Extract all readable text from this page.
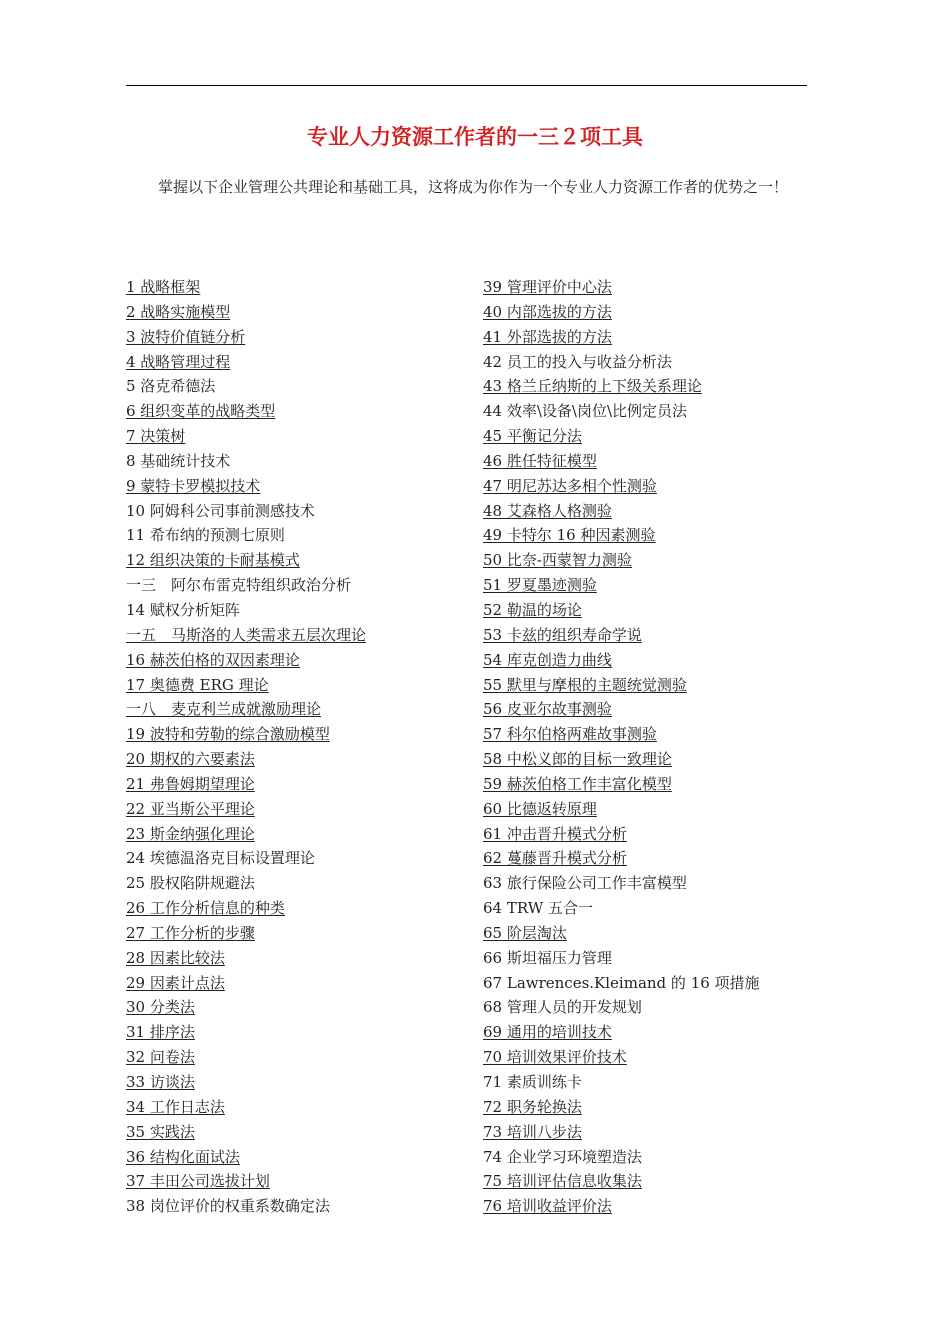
专业人力资源工作者的一三２项工具

掌握以下企业管理公共理论和基础工具，这将成为你作为一个专业人力资源工作者的优势之一！

1 战略框架
2 战略实施模型
3 波特价值链分析
4 战略管理过程
5 洛克希德法
6 组织变革的战略类型
7 决策树
8 基础统计技术
9 蒙特卡罗模拟技术
10 阿姆科公司事前测感技术
11 希布纳的预测七原则
12 组织决策的卡耐基模式
一三　阿尔布雷克特组织政治分析
14 赋权分析矩阵
一五　马斯洛的人类需求五层次理论
16 赫茨伯格的双因素理论
17 奥德费 ERG 理论
一八　麦克利兰成就激励理论
19 波特和劳勒的综合激励模型
20 期权的六要素法
21 弗鲁姆期望理论
22 亚当斯公平理论
23 斯金纳强化理论
24 埃德温洛克目标设置理论
25 股权陷阱规避法
26 工作分析信息的种类
27 工作分析的步骤
28 因素比较法
29 因素计点法
30 分类法
31 排序法
32 问卷法
33 访谈法
34 工作日志法
35 实践法
36 结构化面试法
37 丰田公司选拔计划
38 岗位评价的权重系数确定法
39 管理评价中心法
40 内部选拔的方法
41 外部选拔的方法
42 员工的投入与收益分析法
43 格兰丘纳斯的上下级关系理论
44 效率\设备\岗位\比例定员法
45 平衡记分法
46 胜任特征模型
47 明尼苏达多相个性测验
48 艾森格人格测验
49 卡特尔 16 种因素测验
50 比奈-西蒙智力测验
51 罗夏墨迹测验
52 勒温的场论
53 卡兹的组织寿命学说
54 库克创造力曲线
55 默里与摩根的主题统觉测验
56 皮亚尔故事测验
57 科尔伯格两难故事测验
58 中松义郎的目标一致理论
59 赫茨伯格工作丰富化模型
60 比德返转原理
61 冲击晋升模式分析
62 蔓藤晋升模式分析
63 旅行保险公司工作丰富模型
64 TRW 五合一
65 阶层淘汰
66 斯坦福压力管理
67 Lawrences.Kleimand 的 16 项措施
68 管理人员的开发规划
69 通用的培训技术
70 培训效果评价技术
71 素质训练卡
72 职务轮换法
73 培训八步法
74 企业学习环境塑造法
75 培训评估信息收集法
76 培训收益评价法
